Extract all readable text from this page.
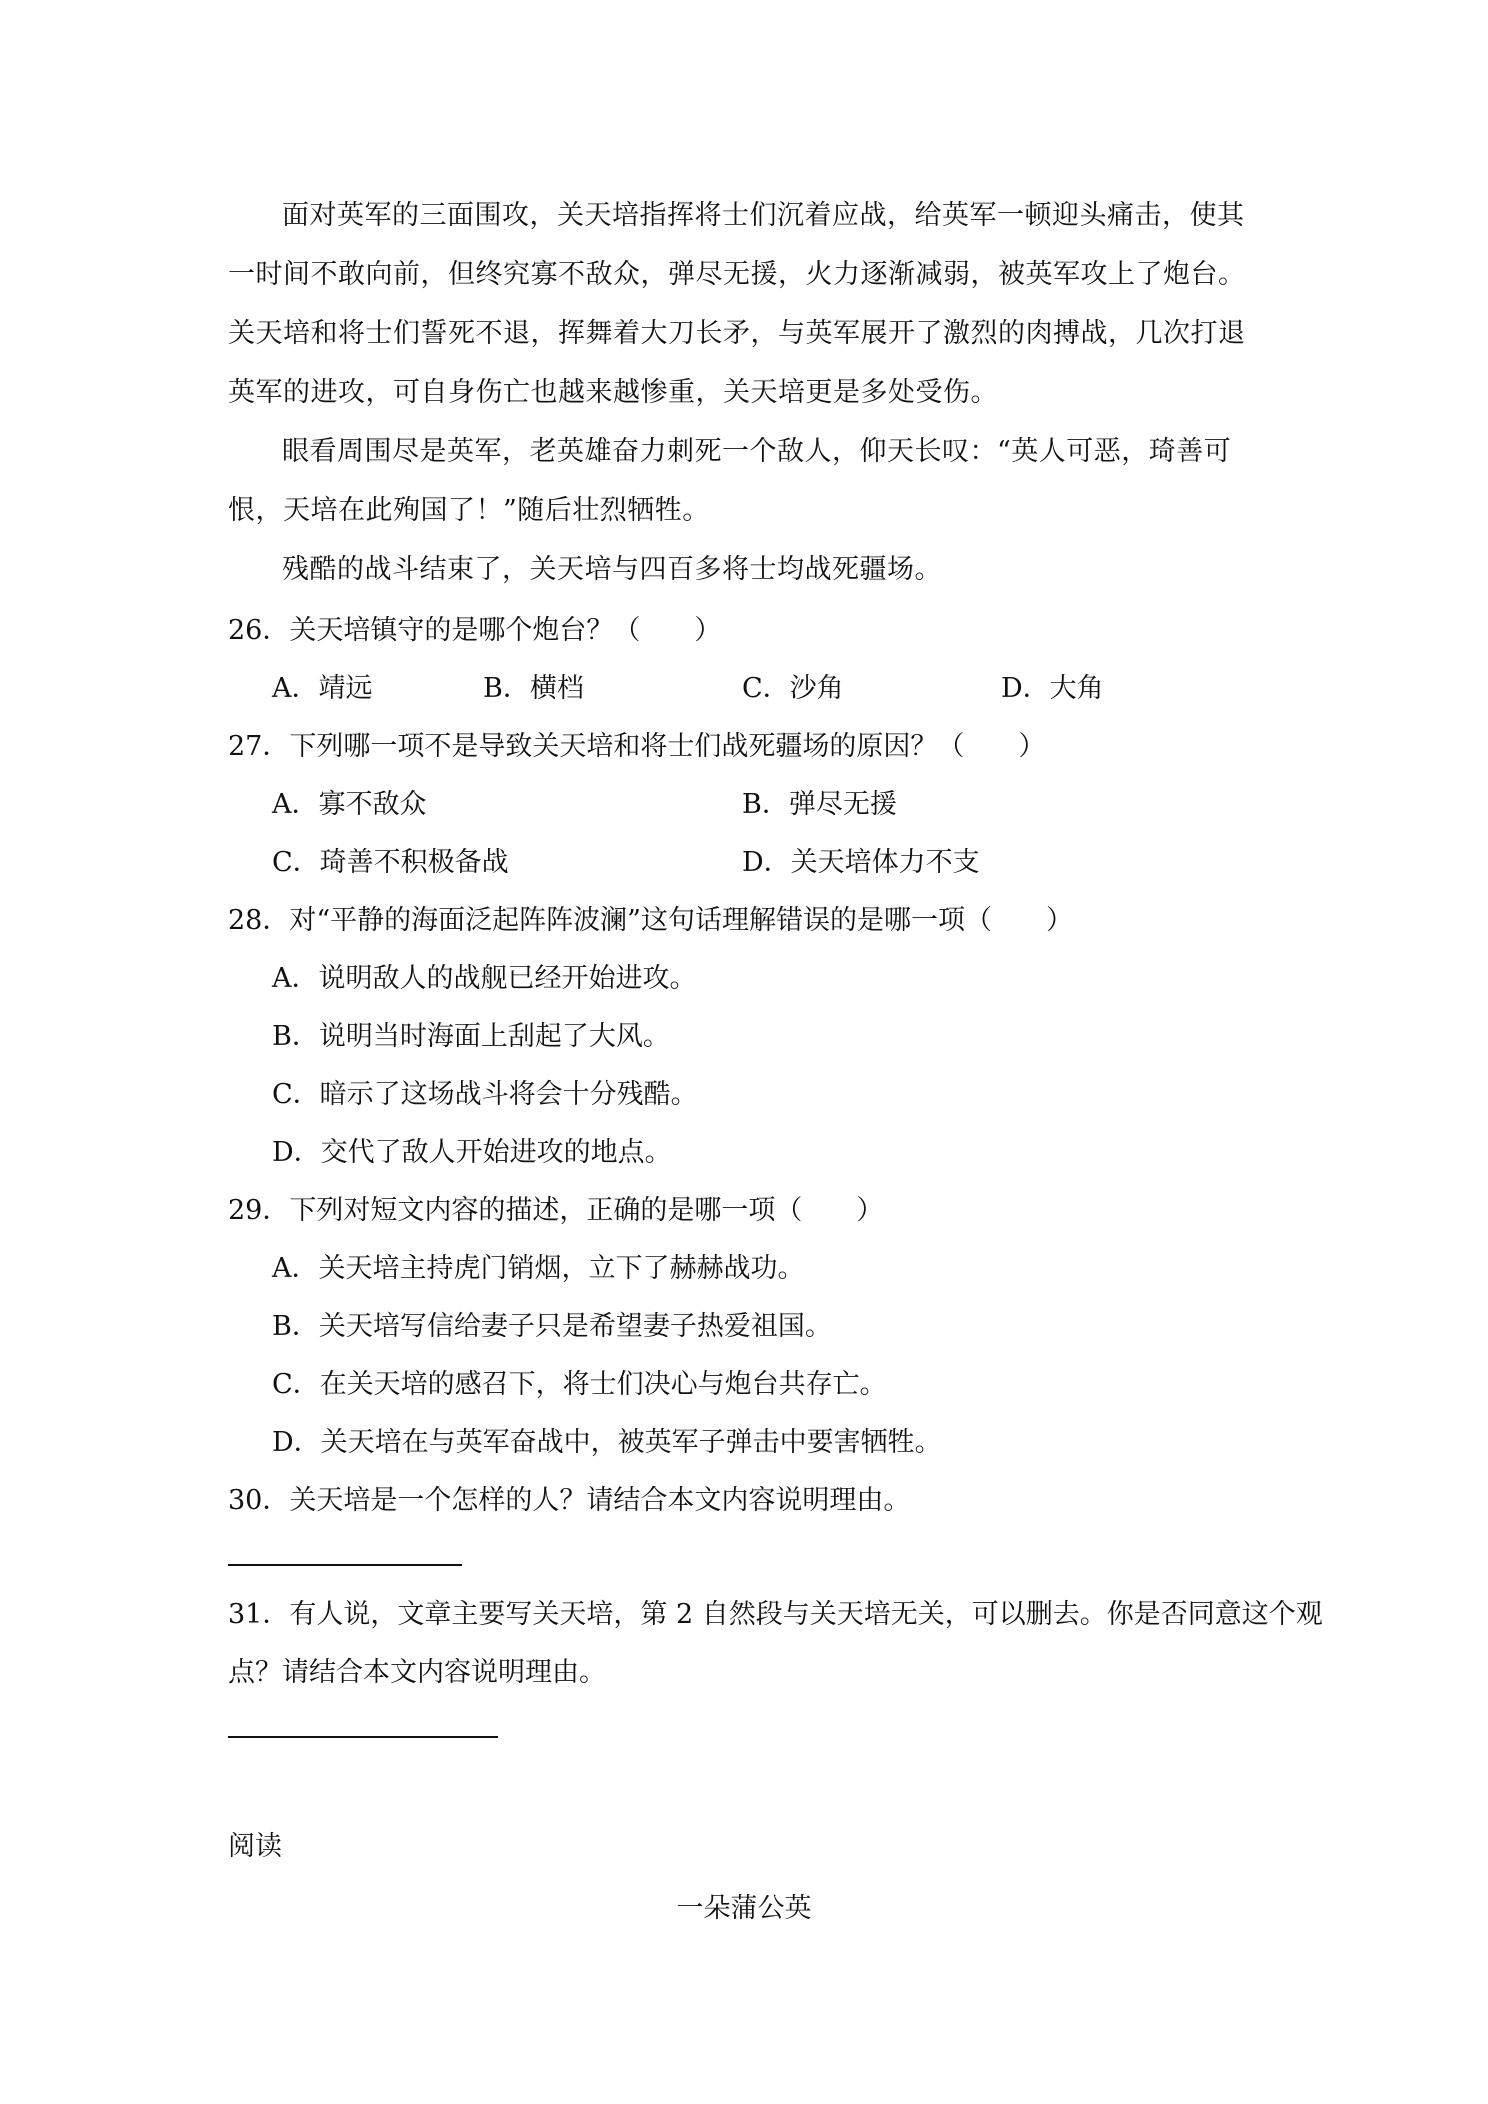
面对英军的三面围攻，关天培指挥将士们沉着应战，给英军一顿迎头痛击，使其一时间不敢向前，但终究寡不敌众，弹尽无援，火力逐渐减弱，被英军攻上了炮台。关天培和将士们誓死不退，挥舞着大刀长矛，与英军展开了激烈的肉搏战，几次打退英军的进攻，可自身伤亡也越来越惨重，关天培更是多处受伤。
眼看周围尽是英军，老英雄奋力刺死一个敌人，仰天长叹：“英人可恶，琦善可恨，天培在此殉国了！”随后壮烈牺牲。
残酷的战斗结束了，关天培与四百多将士均战死疆场。
26．关天培镇守的是哪个炮台？（　　）
A．靖远	B．横档	C．沙角	D．大角
27．下列哪一项不是导致关天培和将士们战死疆场的原因？（　　）
A．寡不敌众	B．弹尽无援
C．琦善不积极备战	D．关天培体力不支
28．对“平静的海面泛起阵阵波澜”这句话理解错误的是哪一项（　　）
A．说明敌人的战舰已经开始进攻。
B．说明当时海面上刮起了大风。
C．暗示了这场战斗将会十分残酷。
D．交代了敌人开始进攻的地点。
29．下列对短文内容的描述，正确的是哪一项（　　）
A．关天培主持虎门销烟，立下了赫赫战功。
B．关天培写信给妻子只是希望妻子热爱祖国。
C．在关天培的感召下，将士们决心与炮台共存亡。
D．关天培在与英军奋战中，被英军子弹击中要害牺牲。
30．关天培是一个怎样的人？请结合本文内容说明理由。
31．有人说，文章主要写关天培，第 2 自然段与关天培无关，可以删去。你是否同意这个观
点？请结合本文内容说明理由。
阅读
一朵蒲公英
